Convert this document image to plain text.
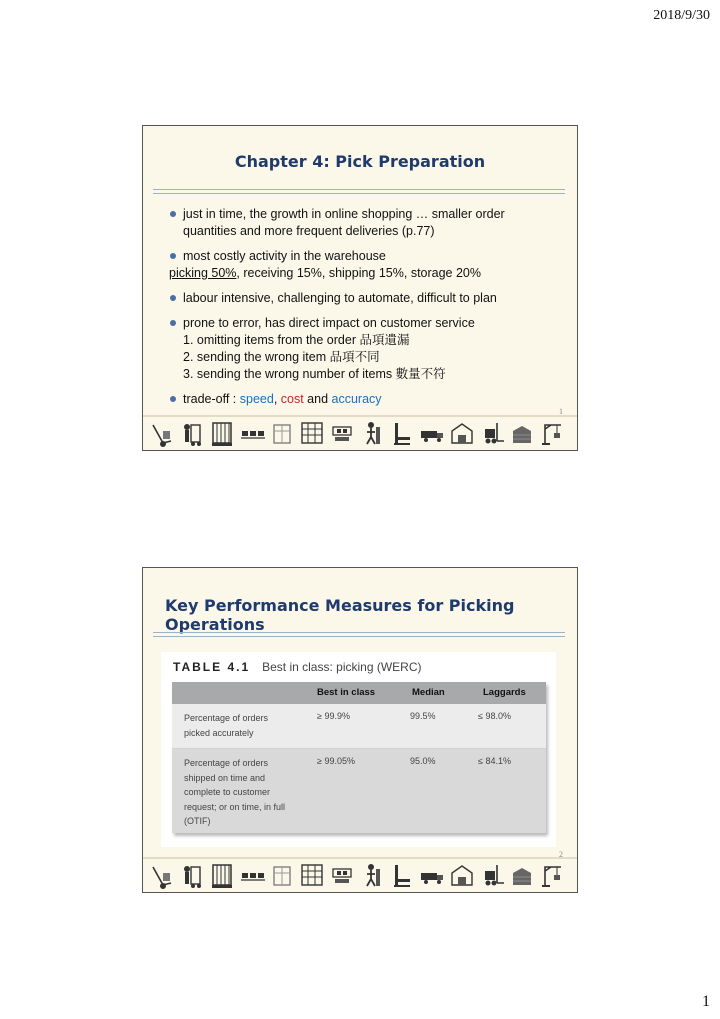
2018/9/30
Chapter 4: Pick Preparation
just in time, the growth in online shopping … smaller order
quantities and more frequent deliveries (p.77)
most costly activity in the warehouse
picking 50%, receiving 15%, shipping 15%, storage 20%
labour intensive, challenging to automate, difficult to plan
prone to error, has direct impact on customer service
1. omitting items from the order 品項遺漏
2. sending the wrong item 品項不同
3. sending the wrong number of items 數量不符
trade-off : speed, cost and accuracy
1
Key Performance Measures for Picking Operations
TABLE 4.1 Best in class: picking (WERC)
Best in class	Median	Laggards
Percentage of orders picked accurately
≥ 99.9%	99.5%	≤ 98.0%
Percentage of orders shipped on time and complete to customer request; or on time, in full (OTIF)
≥ 99.05%	95.0%	≤ 84.1%
2
1
